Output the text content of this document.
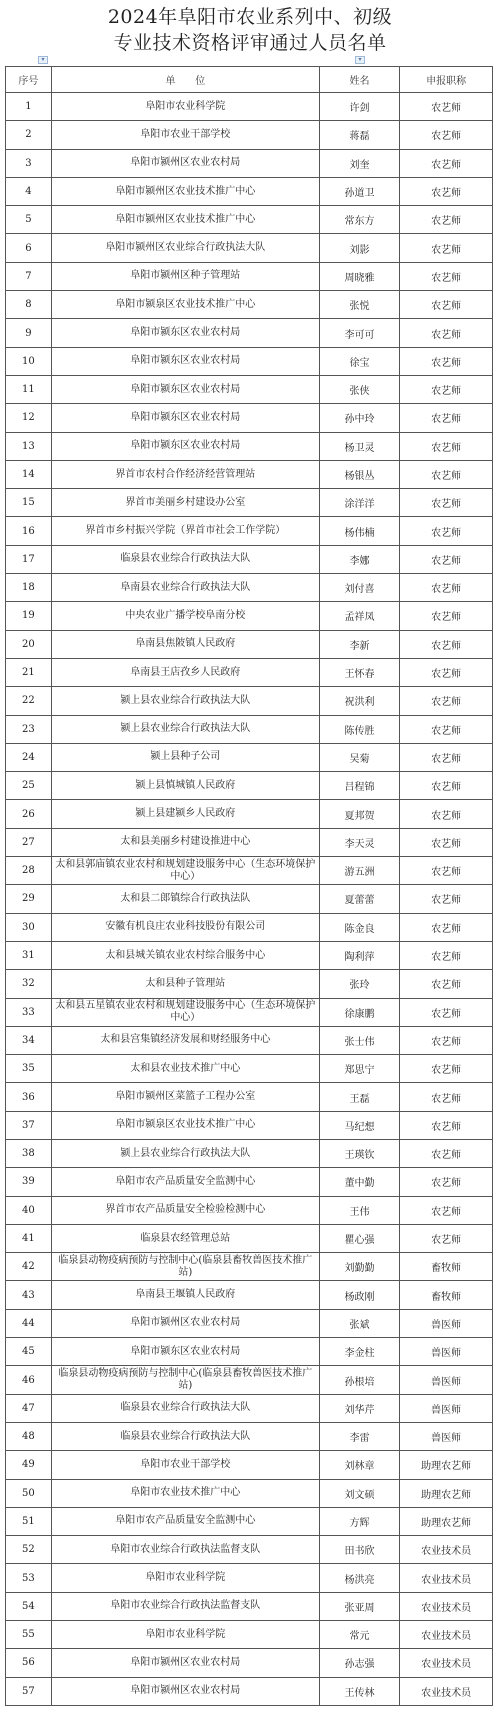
2024年阜阳市农业系列中、初级
专业技术资格评审通过人员名单
▾	▾
序号	单　　位	姓名	申报职称
1	阜阳市农业科学院	许剑	农艺师
2	阜阳市农业干部学校	蒋磊	农艺师
3	阜阳市颍州区农业农村局	刘奎	农艺师
4	阜阳市颍州区农业技术推广中心	孙道卫	农艺师
5	阜阳市颍州区农业技术推广中心	常东方	农艺师
6	阜阳市颍州区农业综合行政执法大队	刘影	农艺师
7	阜阳市颍州区种子管理站	周晓雅	农艺师
8	阜阳市颍泉区农业技术推广中心	张悦	农艺师
9	阜阳市颍东区农业农村局	李可可	农艺师
10	阜阳市颍东区农业农村局	徐宝	农艺师
11	阜阳市颍东区农业农村局	张侠	农艺师
12	阜阳市颍东区农业农村局	孙中玲	农艺师
13	阜阳市颍东区农业农村局	杨卫灵	农艺师
14	界首市农村合作经济经营管理站	杨银丛	农艺师
15	界首市美丽乡村建设办公室	涂洋洋	农艺师
16	界首市乡村振兴学院（界首市社会工作学院）	杨伟楠	农艺师
17	临泉县农业综合行政执法大队	李娜	农艺师
18	阜南县农业综合行政执法大队	刘付喜	农艺师
19	中央农业广播学校阜南分校	孟祥凤	农艺师
20	阜南县焦陂镇人民政府	李新	农艺师
21	阜南县王店孜乡人民政府	王怀春	农艺师
22	颍上县农业综合行政执法大队	祝洪利	农艺师
23	颍上县农业综合行政执法大队	陈传胜	农艺师
24	颍上县种子公司	吴菊	农艺师
25	颍上县慎城镇人民政府	吕程锦	农艺师
26	颍上县建颍乡人民政府	夏邦贺	农艺师
27	太和县美丽乡村建设推进中心	李天灵	农艺师
28	太和县郭庙镇农业农村和规划建设服务中心（生态环境保护中心）	游五洲	农艺师
29	太和县二郎镇综合行政执法队	夏蕾蕾	农艺师
30	安徽有机良庄农业科技股份有限公司	陈金良	农艺师
31	太和县城关镇农业农村综合服务中心	陶利萍	农艺师
32	太和县种子管理站	张玲	农艺师
33	太和县五星镇农业农村和规划建设服务中心（生态环境保护中心）	徐康鹏	农艺师
34	太和县宫集镇经济发展和财经服务中心	张士伟	农艺师
35	太和县农业技术推广中心	郑思宁	农艺师
36	阜阳市颍州区菜篮子工程办公室	王磊	农艺师
37	阜阳市颍泉区农业技术推广中心	马纪想	农艺师
38	颍上县农业综合行政执法大队	王瑛钦	农艺师
39	阜阳市农产品质量安全监测中心	董中勤	农艺师
40	界首市农产品质量安全检验检测中心	王伟	农艺师
41	临泉县农经管理总站	瞿心强	农艺师
42	临泉县动物疫病预防与控制中心(临泉县畜牧兽医技术推广站)	刘勤勤	畜牧师
43	阜南县王堰镇人民政府	杨政刚	畜牧师
44	阜阳市颍州区农业农村局	张斌	兽医师
45	阜阳市颍东区农业农村局	李金柱	兽医师
46	临泉县动物疫病预防与控制中心(临泉县畜牧兽医技术推广站)	孙根培	兽医师
47	临泉县农业综合行政执法大队	刘华芹	兽医师
48	临泉县农业综合行政执法大队	李雷	兽医师
49	阜阳市农业干部学校	刘林章	助理农艺师
50	阜阳市农业技术推广中心	刘文硕	助理农艺师
51	阜阳市农产品质量安全监测中心	方辉	助理农艺师
52	阜阳市农业综合行政执法监督支队	田书欣	农业技术员
53	阜阳市农业科学院	杨洪亮	农业技术员
54	阜阳市农业综合行政执法监督支队	张亚周	农业技术员
55	阜阳市农业科学院	常元	农业技术员
56	阜阳市颍州区农业农村局	孙志强	农业技术员
57	阜阳市颍州区农业农村局	王传林	农业技术员
